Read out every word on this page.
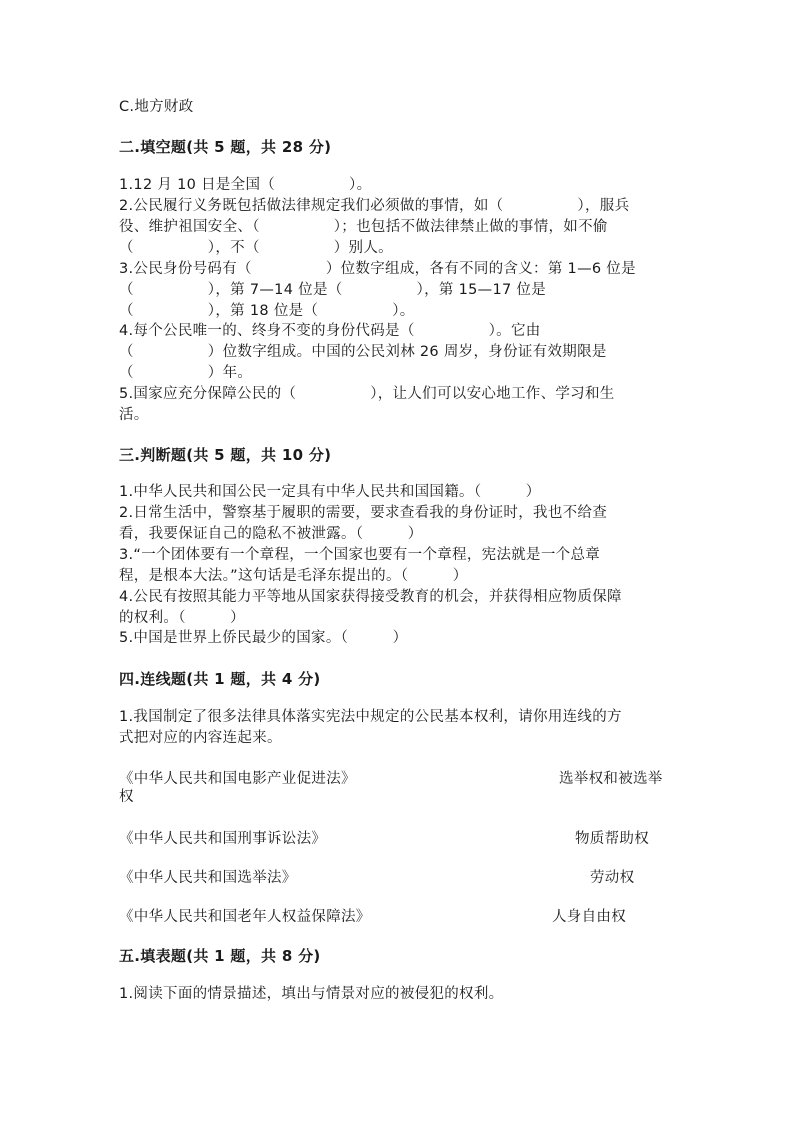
C.地方财政
二.填空题(共 5 题，共 28 分)
1.12 月 10 日是全国（　　　　　）。
2.公民履行义务既包括做法律规定我们必须做的事情，如（　　　　　），服兵
役、维护祖国安全、（　　　　　）；也包括不做法律禁止做的事情，如不偷
（　　　　　），不（　　　　　）别人。
3.公民身份号码有（　　　　　）位数字组成，各有不同的含义：第 1—6 位是
（　　　　　），第 7—14 位是（　　　　　），第 15—17 位是
（　　　　　），第 18 位是（　　　　　）。
4.每个公民唯一的、终身不变的身份代码是（　　　　　）。它由
（　　　　　）位数字组成。中国的公民刘林 26 周岁，身份证有效期限是
（　　　　　）年。
5.国家应充分保障公民的（　　　　　），让人们可以安心地工作、学习和生
活。
三.判断题(共 5 题，共 10 分)
1.中华人民共和国公民一定具有中华人民共和国国籍。（　　　）
2.日常生活中，警察基于履职的需要，要求查看我的身份证时，我也不给查
看，我要保证自己的隐私不被泄露。（　　　）
3.“一个团体要有一个章程，一个国家也要有一个章程，宪法就是一个总章
程，是根本大法。”这句话是毛泽东提出的。（　　　）
4.公民有按照其能力平等地从国家获得接受教育的机会，并获得相应物质保障
的权利。（　　　）
5.中国是世界上侨民最少的国家。（　　　）
四.连线题(共 1 题，共 4 分)
1.我国制定了很多法律具体落实宪法中规定的公民基本权利，请你用连线的方
式把对应的内容连起来。
《中华人民共和国电影产业促进法》	选举权和被选举
权
《中华人民共和国刑事诉讼法》	物质帮助权
《中华人民共和国选举法》	劳动权
《中华人民共和国老年人权益保障法》	人身自由权
五.填表题(共 1 题，共 8 分)
1.阅读下面的情景描述，填出与情景对应的被侵犯的权利。
